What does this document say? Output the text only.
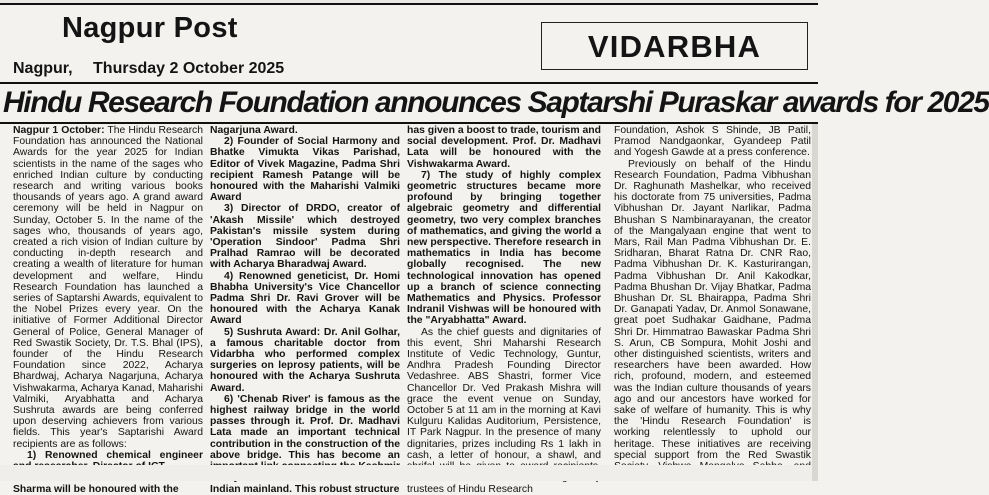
Nagpur Post
Nagpur, Thursday 2 October 2025
VIDARBHA
Hindu Research Foundation announces Saptarshi Puraskar awards for 2025

Nagpur 1 October: The Hindu Research Foundation has announced the National Awards for the year 2025 for Indian scientists in the name of the sages who enriched Indian culture by conducting research and writing various books thousands of years ago. A grand award ceremony will be held in Nagpur on Sunday, October 5. In the name of the sages who, thousands of years ago, created a rich vision of Indian culture by conducting in-depth research and creating a wealth of literature for human development and welfare, Hindu Research Foundation has launched a series of Saptarshi Awards, equivalent to the Nobel Prizes every year. On the initiative of Former Additional Director General of Police, General Manager of Red Swastik Society, Dr. T.S. Bhal (IPS), founder of the Hindu Research Foundation since 2022, Acharya Bhardwaj, Acharya Nagarjuna, Acharya Vishwakarma, Acharya Kanad, Maharishi Valmiki, Aryabhatta and Acharya Sushruta awards are being conferred upon deserving achievers from various fields. This year's Saptarishi Award recipients are as follows:

1) Renowned chemical engineer

Sharma will be honoured with the

Nagarjuna Award.

2) Founder of Social Harmony and Bhatke Vimukta Vikas Parishad, Editor of Vivek Magazine, Padma Shri recipient Ramesh Patange will be honoured with the Maharishi Valmiki Award

3) Director of DRDO, creator of 'Akash Missile' which destroyed Pakistan's missile system during 'Operation Sindoor' Padma Shri Pralhad Ramrao will be decorated with Acharya Bharadwaj Award.

4) Renowned geneticist, Dr. Homi Bhabha University's Vice Chancellor Padma Shri Dr. Ravi Grover will be honoured with the Acharya Kanak Award

5) Sushruta Award: Dr. Anil Golhar, a famous charitable doctor from Vidarbha who performed complex surgeries on leprosy patients, will be honoured with the Acharya Sushruta Award.

6) 'Chenab River' is famous as the highest railway bridge in the world passes through it. Prof. Dr. Madhavi Lata made an important technical contribution in the construction of the above bridge. This has become an Indian mainland. This robust structure

has given a boost to trade, tourism and social development. Prof. Dr. Madhavi Lata will be honoured with the Vishwakarma Award.

7) The study of highly complex geometric structures became more profound by bringing together algebraic geometry and differential geometry, two very complex branches of mathematics, and giving the world a new perspective. Therefore research in mathematics in India has become globally recognised. The new technological innovation has opened up a branch of science connecting Mathematics and Physics. Professor Indranil Vishwas will be honoured with the "Aryabhatta" Award.

As the chief guests and dignitaries of this event, Shri Maharshi Research Institute of Vedic Technology, Guntur, Andhra Pradesh Founding Director Vedashree. ABS Shastri, former Vice Chancellor Dr. Ved Prakash Mishra will grace the event venue on Sunday, October 5 at 11 am in the morning at Kavi Kulguru Kalidas Auditorium, Persistence, IT Park Nagpur. In the presence of many dignitaries, prizes including Rs 1 lakh in cash, a letter of honour, a shawl, and trustees of Hindu Research

Foundation, Ashok S Shinde, JB Patil, Pramod Nandgaonkar, Gyandeep Patil and Yogesh Gawde at a press conference.

Previously on behalf of the Hindu Research Foundation, Padma Vibhushan Dr. Raghunath Mashelkar, who received his doctorate from 75 universities, Padma Vibhushan Dr. Jayant Narlikar, Padma Bhushan S Nambinarayanan, the creator of the Mangalyaan engine that went to Mars, Rail Man Padma Vibhushan Dr. E. Sridharan, Bharat Ratna Dr. CNR Rao, Padma Vibhushan Dr. K. Kasturirangan, Padma Vibhushan Dr. Anil Kakodkar, Padma Bhushan Dr. Vijay Bhatkar, Padma Bhushan Dr. SL Bhairappa, Padma Shri Dr. Ganapati Yadav, Dr. Anmol Sonawane, great poet Sudhakar Gaidhane, Padma Shri Dr. Himmatrao Bawaskar Padma Shri S. Arun, CB Sompura, Mohit Joshi and other distinguished scientists, writers and researchers have been awarded. How rich, profound, modern, and esteemed was the Indian culture thousands of years ago and our ancestors have worked for sake of welfare of humanity. This is why the 'Hindu Research Foundation' is working relentlessly to uphold our heritage. These initiatives are receiving special support from the Red Swastik
